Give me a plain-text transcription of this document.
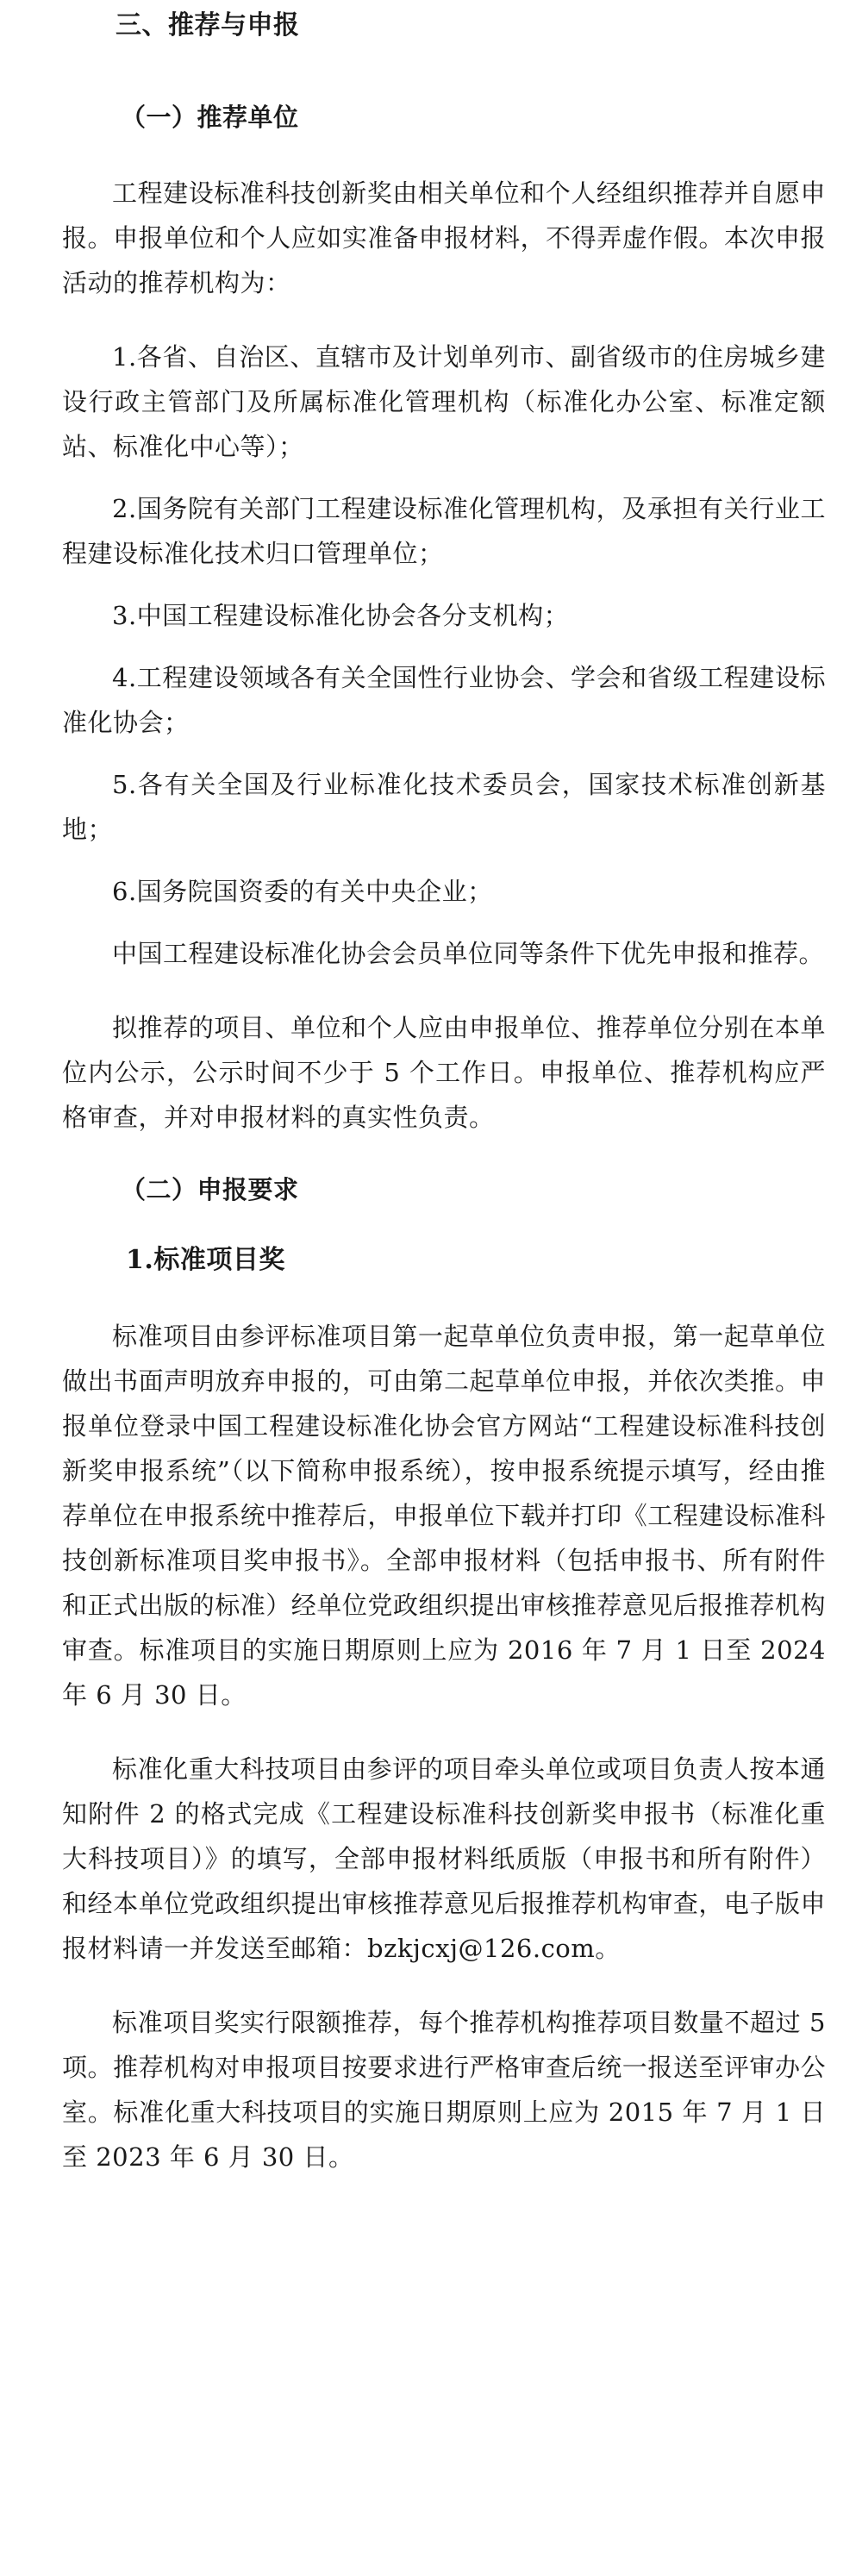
三、推荐与申报
（一）推荐单位

工程建设标准科技创新奖由相关单位和个人经组织推荐并自愿申报。申报单位和个人应如实准备申报材料，不得弄虚作假。本次申报活动的推荐机构为：

1.各省、自治区、直辖市及计划单列市、副省级市的住房城乡建设行政主管部门及所属标准化管理机构（标准化办公室、标准定额站、标准化中心等）；

2.国务院有关部门工程建设标准化管理机构，及承担有关行业工程建设标准化技术归口管理单位；

3.中国工程建设标准化协会各分支机构；

4.工程建设领域各有关全国性行业协会、学会和省级工程建设标准化协会；

5.各有关全国及行业标准化技术委员会，国家技术标准创新基地；

6.国务院国资委的有关中央企业；

中国工程建设标准化协会会员单位同等条件下优先申报和推荐。

拟推荐的项目、单位和个人应由申报单位、推荐单位分别在本单位内公示，公示时间不少于 5 个工作日。申报单位、推荐机构应严格审查，并对申报材料的真实性负责。

（二）申报要求
1.标准项目奖

标准项目由参评标准项目第一起草单位负责申报，第一起草单位做出书面声明放弃申报的，可由第二起草单位申报，并依次类推。申报单位登录中国工程建设标准化协会官方网站“工程建设标准科技创新奖申报系统”（以下简称申报系统），按申报系统提示填写，经由推荐单位在申报系统中推荐后，申报单位下载并打印《工程建设标准科技创新标准项目奖申报书》。全部申报材料（包括申报书、所有附件和正式出版的标准）经单位党政组织提出审核推荐意见后报推荐机构审查。标准项目的实施日期原则上应为 2016 年 7 月 1 日至 2024 年 6 月 30 日。

标准化重大科技项目由参评的项目牵头单位或项目负责人按本通知附件 2 的格式完成《工程建设标准科技创新奖申报书（标准化重大科技项目）》的填写，全部申报材料纸质版（申报书和所有附件）和经本单位党政组织提出审核推荐意见后报推荐机构审查，电子版申报材料请一并发送至邮箱：bzkjcxj@126.com。

标准项目奖实行限额推荐，每个推荐机构推荐项目数量不超过 5 项。推荐机构对申报项目按要求进行严格审查后统一报送至评审办公室。标准化重大科技项目的实施日期原则上应为 2015 年 7 月 1 日至 2023 年 6 月 30 日。
